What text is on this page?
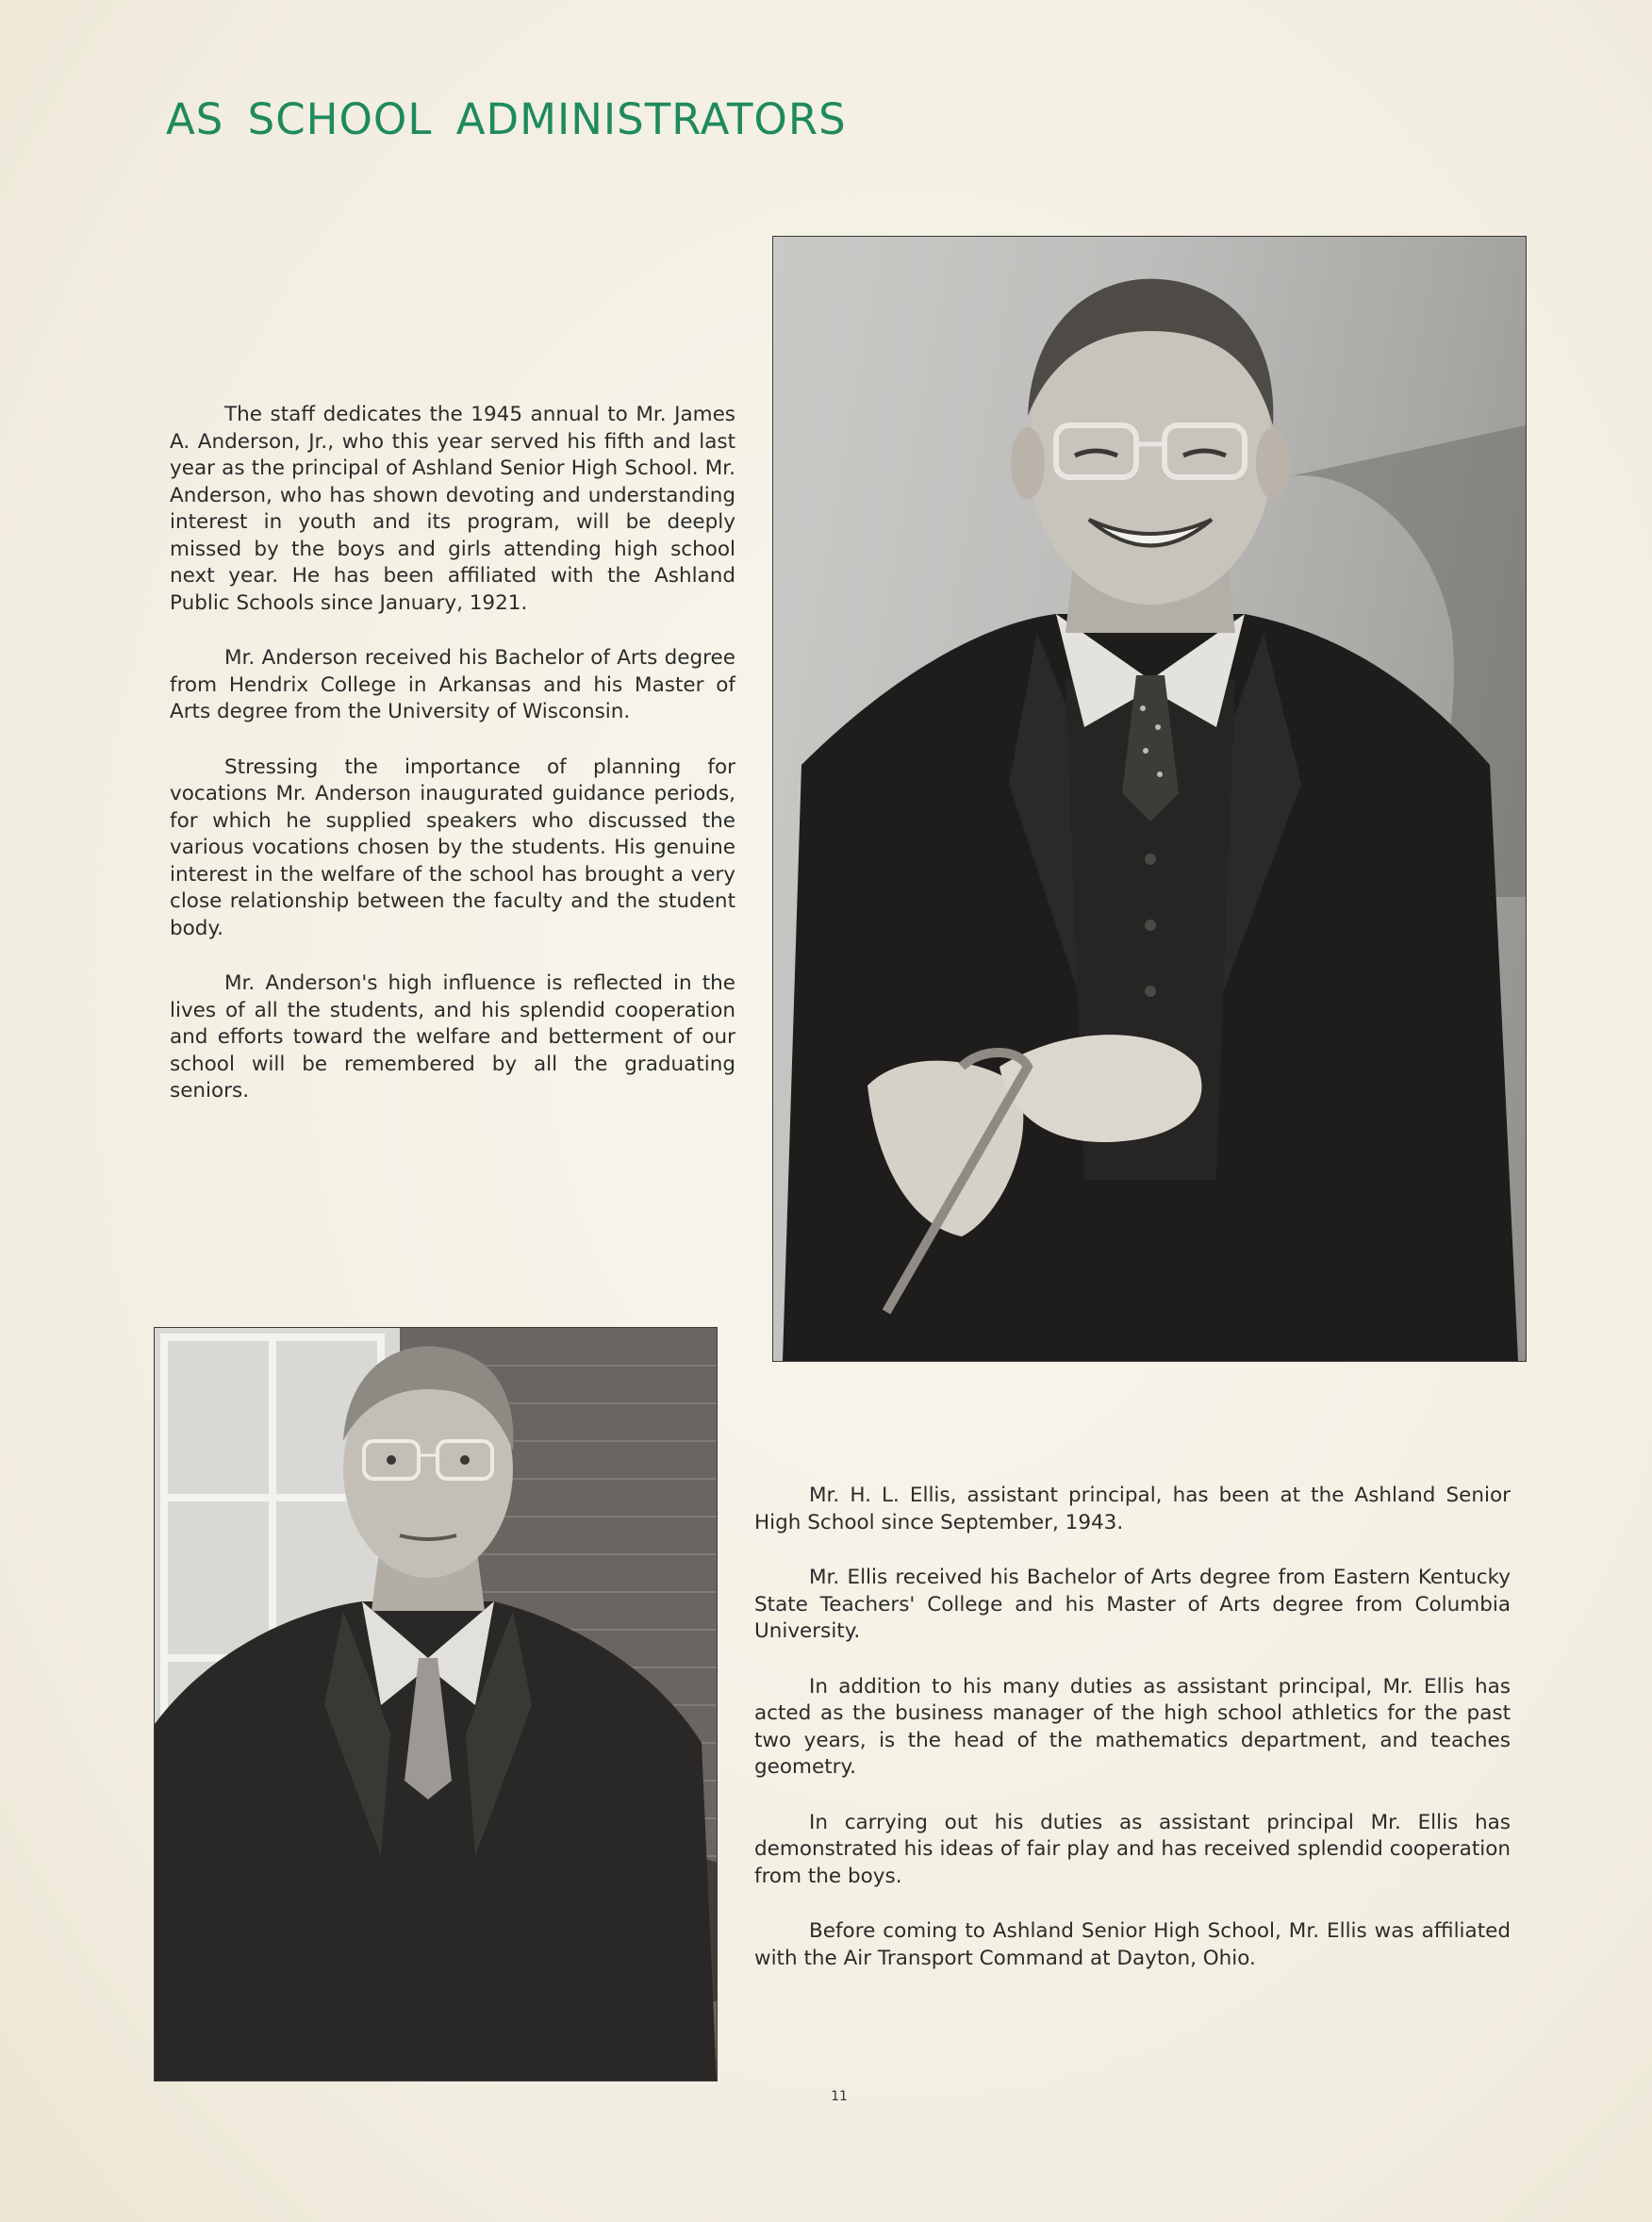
AS SCHOOL ADMINISTRATORS

The staff dedicates the 1945 annual to Mr. James A. Anderson, Jr., who this year served his fifth and last year as the principal of Ashland Senior High School. Mr. Anderson, who has shown devoting and understanding interest in youth and its program, will be deeply missed by the boys and girls attending high school next year. He has been affiliated with the Ashland Public Schools since January, 1921.

Mr. Anderson received his Bachelor of Arts degree from Hendrix College in Arkansas and his Master of Arts degree from the University of Wisconsin.

Stressing the importance of planning for vocations Mr. Anderson inaugurated guidance periods, for which he supplied speakers who discussed the various vocations chosen by the students. His genuine interest in the welfare of the school has brought a very close relationship between the faculty and the student body.

Mr. Anderson's high influence is reflected in the lives of all the students, and his splendid cooperation and efforts toward the welfare and betterment of our school will be remembered by all the graduating seniors.

Mr. H. L. Ellis, assistant principal, has been at the Ashland Senior High School since September, 1943.

Mr. Ellis received his Bachelor of Arts degree from Eastern Kentucky State Teachers' College and his Master of Arts degree from Columbia University.

In addition to his many duties as assistant principal, Mr. Ellis has acted as the business manager of the high school athletics for the past two years, is the head of the mathematics department, and teaches geometry.

In carrying out his duties as assistant principal Mr. Ellis has demonstrated his ideas of fair play and has received splendid cooperation from the boys.

Before coming to Ashland Senior High School, Mr. Ellis was affiliated with the Air Transport Command at Dayton, Ohio.

11
